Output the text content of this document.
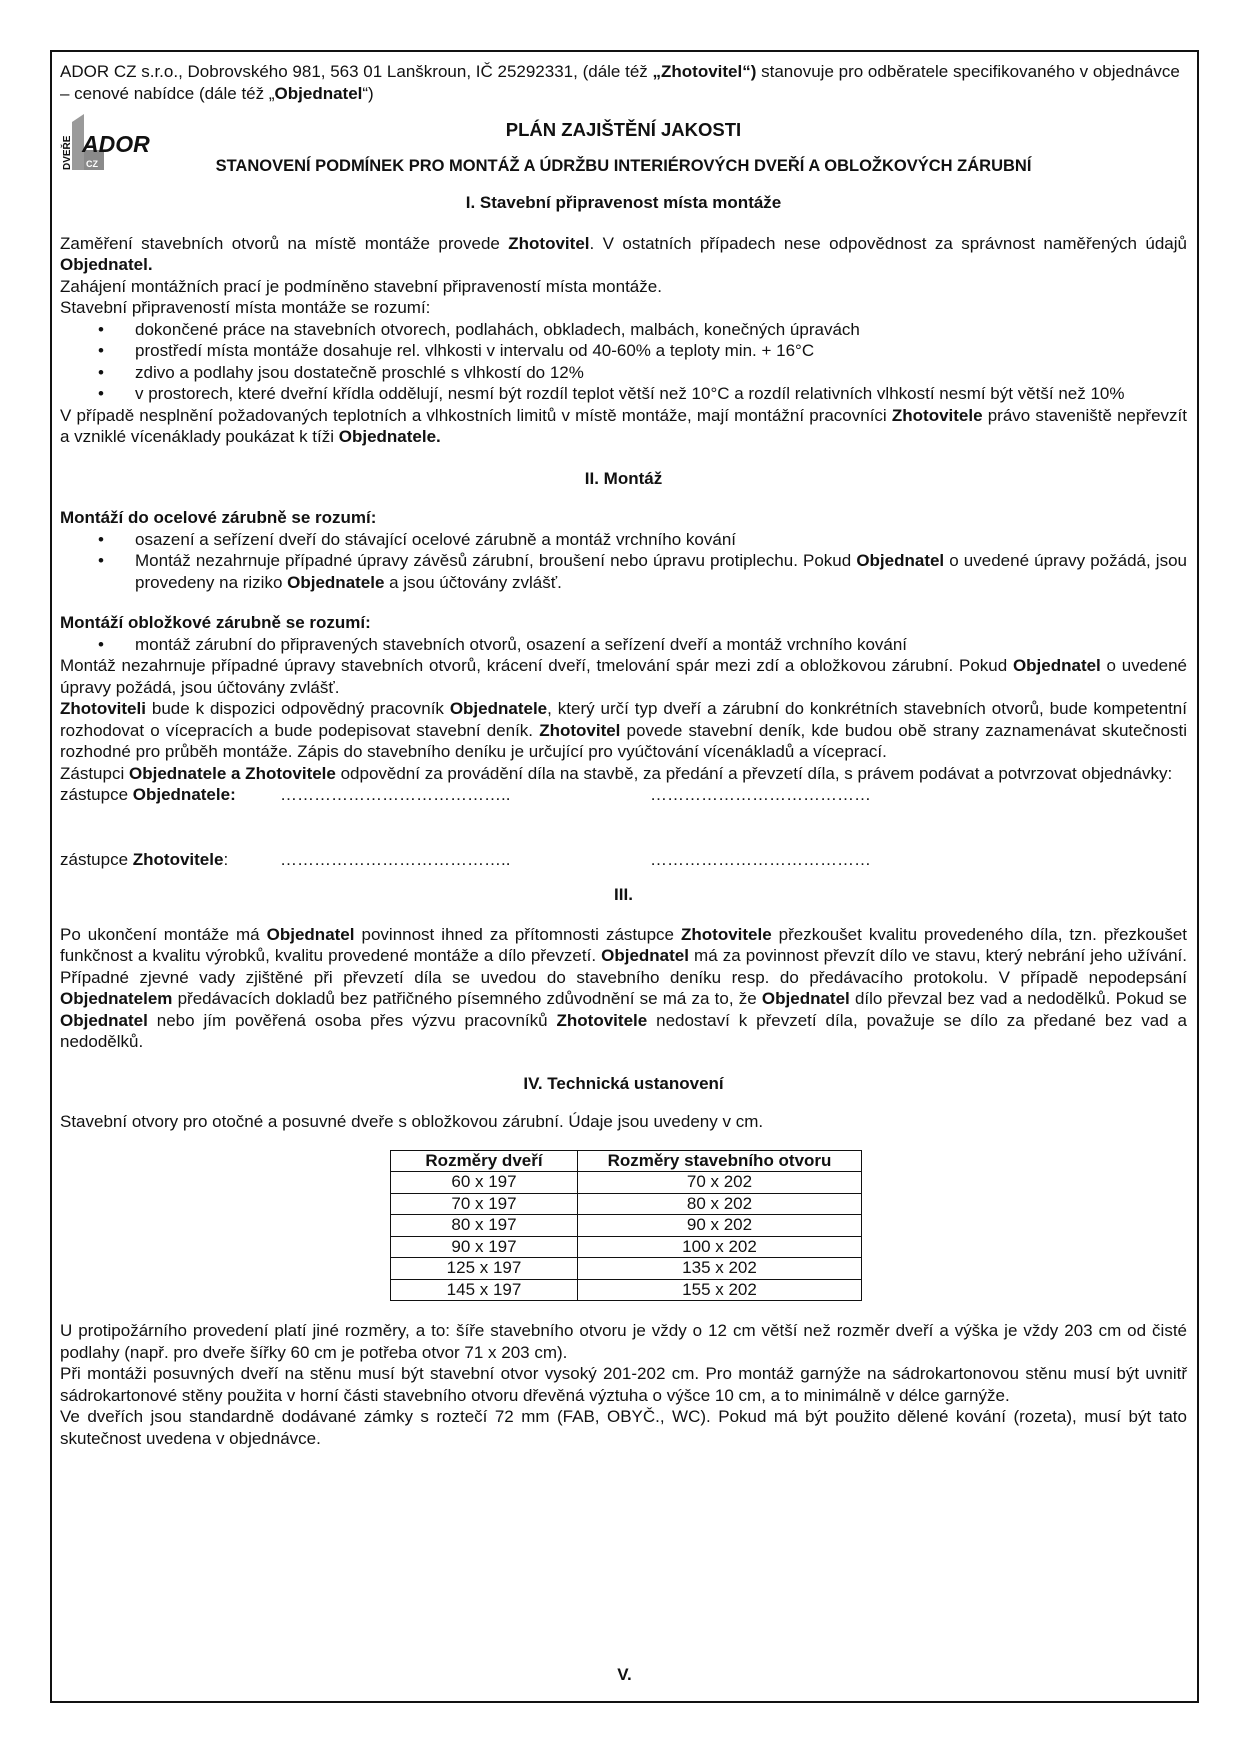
ADOR CZ s.r.o., Dobrovského 981, 563 01 Lanškroun, IČ 25292331, (dále též „Zhotovitel“) stanovuje pro odběratele specifikovaného v objednávce – cenové nabídce (dále též „Objednatel“)

DVEŘE ADOR
CZ

PLÁN ZAJIŠTĚNÍ JAKOSTI

STANOVENÍ PODMÍNEK PRO MONTÁŽ A ÚDRŽBU INTERIÉROVÝCH DVEŘÍ A OBLOŽKOVÝCH ZÁRUBNÍ

I. Stavební připravenost místa montáže

Zaměření stavebních otvorů na místě montáže provede Zhotovitel. V ostatních případech nese odpovědnost za správnost naměřených údajů Objednatel.

Zahájení montážních prací je podmíněno stavební připraveností místa montáže.

Stavební připraveností místa montáže se rozumí:

• dokončené práce na stavebních otvorech, podlahách, obkladech, malbách, konečných úpravách
• prostředí místa montáže dosahuje rel. vlhkosti v intervalu od 40-60% a teploty min. + 16°C
• zdivo a podlahy jsou dostatečně proschlé s vlhkostí do 12%
• v prostorech, které dveřní křídla oddělují, nesmí být rozdíl teplot větší než 10°C a rozdíl relativních vlhkostí nesmí být větší než 10%

V případě nesplnění požadovaných teplotních a vlhkostních limitů v místě montáže, mají montážní pracovníci Zhotovitele právo staveniště nepřevzít a vzniklé vícenáklady poukázat k tíži Objednatele.

II. Montáž

Montáží do ocelové zárubně se rozumí:

• osazení a seřízení dveří do stávající ocelové zárubně a montáž vrchního kování
• Montáž nezahrnuje případné úpravy závěsů zárubní, broušení nebo úpravu protiplechu. Pokud Objednatel o uvedené úpravy požádá, jsou provedeny na riziko Objednatele a jsou účtovány zvlášť.

Montáží obložkové zárubně se rozumí:

• montáž zárubní do připravených stavebních otvorů, osazení a seřízení dveří a montáž vrchního kování

Montáž nezahrnuje případné úpravy stavebních otvorů, krácení dveří, tmelování spár mezi zdí a obložkovou zárubní. Pokud Objednatel o uvedené úpravy požádá, jsou účtovány zvlášť.

Zhotoviteli bude k dispozici odpovědný pracovník Objednatele, který určí typ dveří a zárubní do konkrétních stavebních otvorů, bude kompetentní rozhodovat o vícepracích a bude podepisovat stavební deník. Zhotovitel povede stavební deník, kde budou obě strany zaznamenávat skutečnosti rozhodné pro průběh montáže. Zápis do stavebního deníku je určující pro vyúčtování vícenákladů a víceprací.

Zástupci Objednatele a Zhotovitele odpovědní za provádění díla na stavbě, za předání a převzetí díla, s právem podávat a potvrzovat objednávky:

zástupce Objednatele:	…………………………………..	…………………………………
zástupce Zhotovitele:	…………………………………..	…………………………………

III.

Po ukončení montáže má Objednatel povinnost ihned za přítomnosti zástupce Zhotovitele přezkoušet kvalitu provedeného díla, tzn. přezkoušet funkčnost a kvalitu výrobků, kvalitu provedené montáže a dílo převzetí. Objednatel má za povinnost převzít dílo ve stavu, který nebrání jeho užívání. Případné zjevné vady zjištěné při převzetí díla se uvedou do stavebního deníku resp. do předávacího protokolu. V případě nepodepsání Objednatelem předávacích dokladů bez patřičného písemného zdůvodnění se má za to, že Objednatel dílo převzal bez vad a nedodělků. Pokud se Objednatel nebo jím pověřená osoba přes výzvu pracovníků Zhotovitele nedostaví k převzetí díla, považuje se dílo za předané bez vad a nedodělků.

IV. Technická ustanovení

Stavební otvory pro otočné a posuvné dveře s obložkovou zárubní. Údaje jsou uvedeny v cm.

Rozměry dveří	Rozměry stavebního otvoru
60 x 197	70 x 202
70 x 197	80 x 202
80 x 197	90 x 202
90 x 197	100 x 202
125 x 197	135 x 202
145 x 197	155 x 202

U protipožárního provedení platí jiné rozměry, a to: šíře stavebního otvoru je vždy o 12 cm větší než rozměr dveří a výška je vždy 203 cm od čisté podlahy (např. pro dveře šířky 60 cm je potřeba otvor 71 x 203 cm).

Při montáži posuvných dveří na stěnu musí být stavební otvor vysoký 201-202 cm. Pro montáž garnýže na sádrokartonovou stěnu musí být uvnitř sádrokartonové stěny použita v horní části stavebního otvoru dřevěná výztuha o výšce 10 cm, a to minimálně v délce garnýže.

Ve dveřích jsou standardně dodávané zámky s roztečí 72 mm (FAB, OBYČ., WC). Pokud má být použito dělené kování (rozeta), musí být tato skutečnost uvedena v objednávce.

V.
